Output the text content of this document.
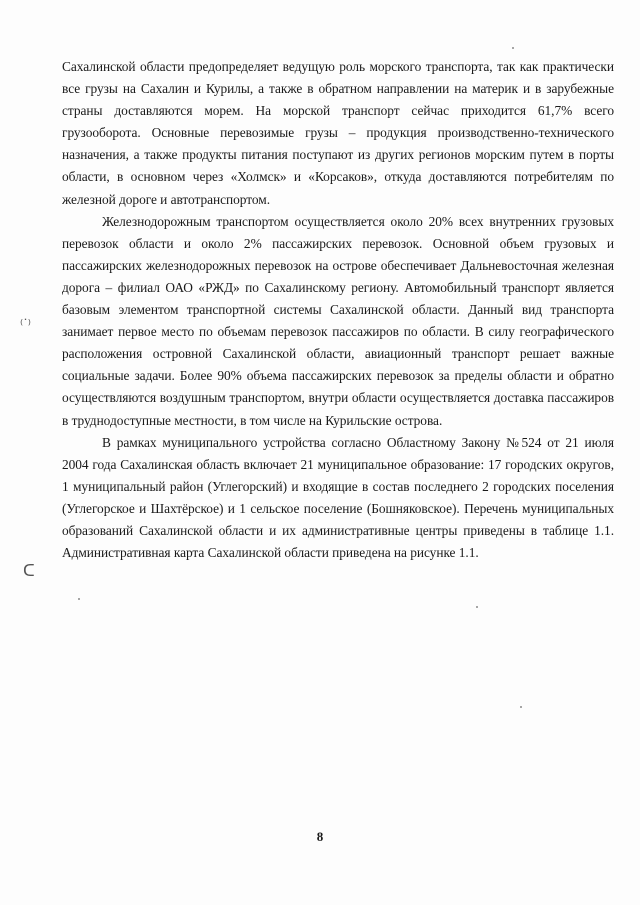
⁽˙⁾
ᑕ

Сахалинской области предопределяет ведущую роль морского транспорта, так как практически все грузы на Сахалин и Курилы, а также в обратном направлении на материк и в зарубежные страны доставляются морем. На морской транспорт сейчас приходится 61,7% всего грузооборота. Основные перевозимые грузы – продукция производственно-технического назначения, а также продукты питания поступают из других регионов морским путем в порты области, в основном через «Холмск» и «Корсаков», откуда доставляются потребителям по железной дороге и автотранспортом.

Железнодорожным транспортом осуществляется около 20% всех внутренних грузовых перевозок области и около 2% пассажирских перевозок. Основной объем грузовых и пассажирских железнодорожных перевозок на острове обеспечивает Дальневосточная железная дорога – филиал ОАО «РЖД» по Сахалинскому региону. Автомобильный транспорт является базовым элементом транспортной системы Сахалинской области. Данный вид транспорта занимает первое место по объемам перевозок пассажиров по области. В силу географического расположения островной Сахалинской области, авиационный транспорт решает важные социальные задачи. Более 90% объема пассажирских перевозок за пределы области и обратно осуществляются воздушным транспортом, внутри области осуществляется доставка пассажиров в труднодоступные местности, в том числе на Курильские острова.

В рамках муниципального устройства согласно Областному Закону №524 от 21 июля 2004 года Сахалинская область включает 21 муниципальное образование: 17 городских округов, 1 муниципальный район (Углегорский) и входящие в состав последнего 2 городских поселения (Углегорское и Шахтёрское) и 1 сельское поселение (Бошняковское). Перечень муниципальных образований Сахалинской области и их административные центры приведены в таблице 1.1. Административная карта Сахалинской области приведена на рисунке 1.1.

8
